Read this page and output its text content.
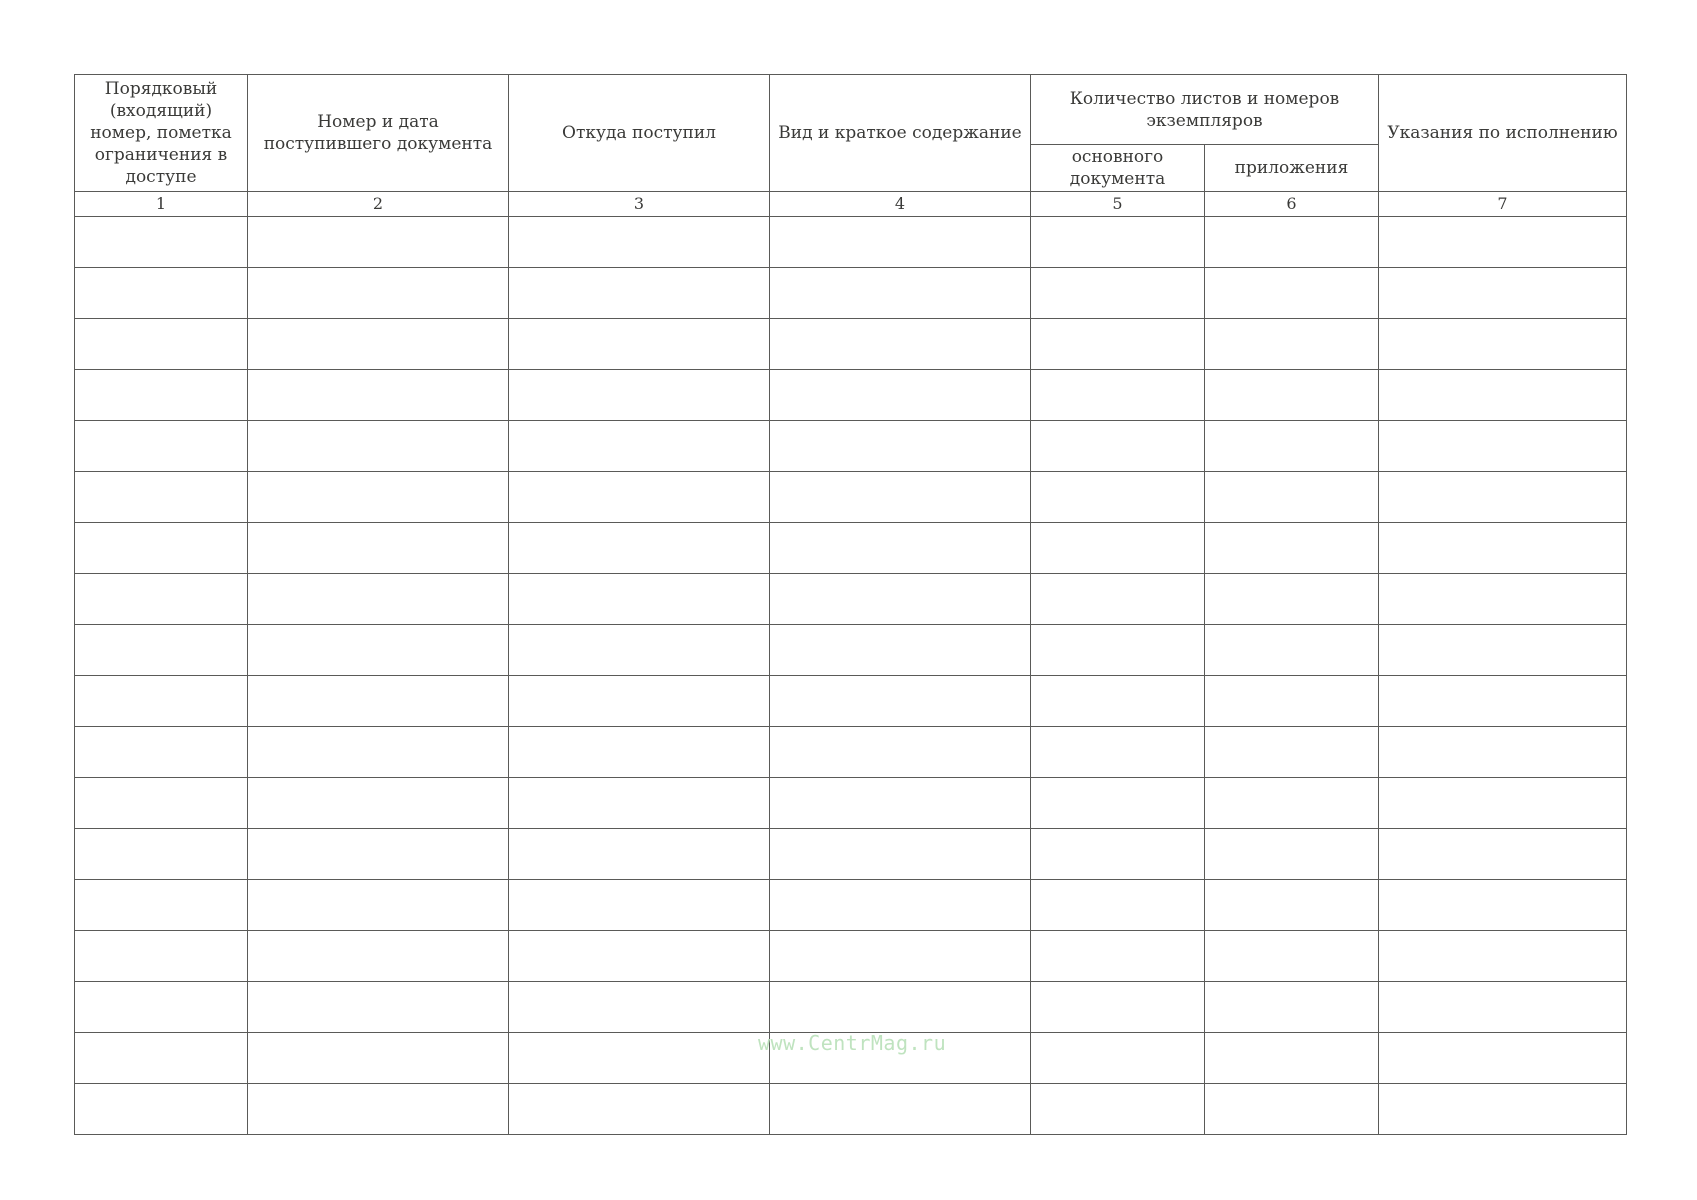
Порядковый (входящий) номер, пометка ограничения в доступе	Номер и дата поступившего документа	Откуда поступил	Вид и краткое содержание	Количество листов и номеров экземпляров		Указания по исполнению
				основного документа	приложения	
1	2	3	4	5	6	7

www.CentrMag.ru
